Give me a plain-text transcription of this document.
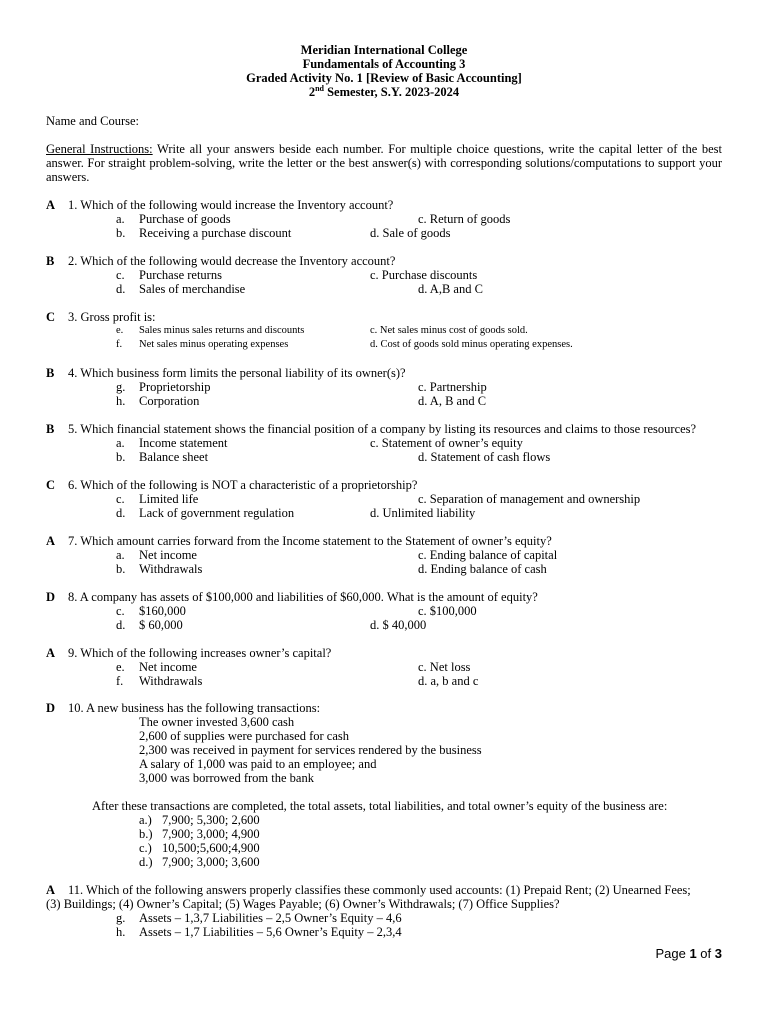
Meridian International College
Fundamentals of Accounting 3
Graded Activity No. 1 [Review of Basic Accounting]
2nd Semester, S.Y. 2023-2024
Name and Course:
General Instructions: Write all your answers beside each number. For multiple choice questions, write the capital letter of the best answer. For straight problem-solving, write the letter or the best answer(s) with corresponding solutions/computations to support your answers.
A 1. Which of the following would increase the Inventory account?
a. Purchase of goods	c. Return of goods
b. Receiving a purchase discount	d. Sale of goods
B 2. Which of the following would decrease the Inventory account?
c. Purchase returns	c. Purchase discounts
d. Sales of merchandise	d. A,B and C
C 3. Gross profit is:
e. Sales minus sales returns and discounts	c. Net sales minus cost of goods sold.
f. Net sales minus operating expenses	d. Cost of goods sold minus operating expenses.
B 4. Which business form limits the personal liability of its owner(s)?
g. Proprietorship	c. Partnership
h. Corporation	d. A, B and C
B 5. Which financial statement shows the financial position of a company by listing its resources and claims to those resources?
a. Income statement	c. Statement of owner’s equity
b. Balance sheet	d. Statement of cash flows
C 6. Which of the following is NOT a characteristic of a proprietorship?
c. Limited life	c. Separation of management and ownership
d. Lack of government regulation	d. Unlimited liability
A 7. Which amount carries forward from the Income statement to the Statement of owner’s equity?
a. Net income	c. Ending balance of capital
b. Withdrawals	d. Ending balance of cash
D 8. A company has assets of $100,000 and liabilities of $60,000. What is the amount of equity?
c. $160,000	c. $100,000
d. $ 60,000	d. $ 40,000
A 9. Which of the following increases owner’s capital?
e. Net income	c. Net loss
f. Withdrawals	d. a, b and c
D 10. A new business has the following transactions:
The owner invested 3,600 cash
2,600 of supplies were purchased for cash
2,300 was received in payment for services rendered by the business
A salary of 1,000 was paid to an employee; and
3,000 was borrowed from the bank
After these transactions are completed, the total assets, total liabilities, and total owner’s equity of the business are:
a.) 7,900; 5,300; 2,600
b.) 7,900; 3,000; 4,900
c.) 10,500;5,600;4,900
d.) 7,900; 3,000; 3,600
A 11. Which of the following answers properly classifies these commonly used accounts: (1) Prepaid Rent; (2) Unearned Fees;
(3) Buildings; (4) Owner’s Capital; (5) Wages Payable; (6) Owner’s Withdrawals; (7) Office Supplies?
g. Assets – 1,3,7 Liabilities – 2,5 Owner’s Equity – 4,6
h. Assets – 1,7 Liabilities – 5,6 Owner’s Equity – 2,3,4
Page 1 of 3
